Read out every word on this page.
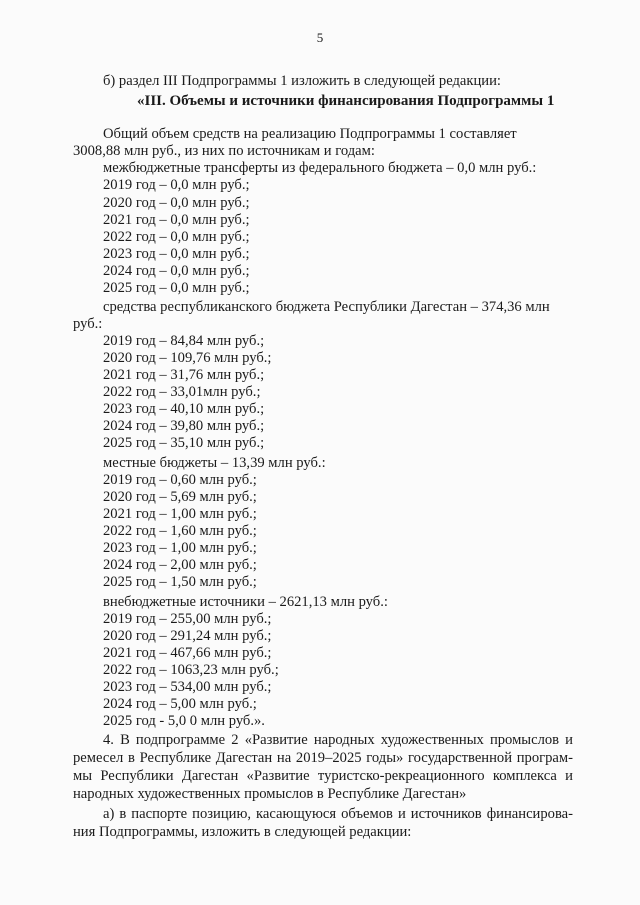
5
б) раздел III Подпрограммы 1 изложить в следующей редакции:
«III. Объемы и источники финансирования Подпрограммы 1
Общий объем средств на реализацию Подпрограммы 1 составляет
3008,88 млн руб., из них по источникам и годам:
межбюджетные трансферты из федерального бюджета – 0,0 млн руб.:
2019 год – 0,0 млн руб.;
2020 год – 0,0 млн руб.;
2021 год – 0,0 млн руб.;
2022 год – 0,0 млн руб.;
2023 год – 0,0 млн руб.;
2024 год – 0,0 млн руб.;
2025 год – 0,0 млн руб.;
средства республиканского бюджета Республики Дагестан – 374,36 млн
руб.:
2019 год – 84,84 млн руб.;
2020 год – 109,76 млн руб.;
2021 год – 31,76 млн руб.;
2022 год – 33,01млн руб.;
2023 год – 40,10 млн руб.;
2024 год – 39,80 млн руб.;
2025 год – 35,10 млн руб.;
местные бюджеты – 13,39 млн руб.:
2019 год – 0,60 млн руб.;
2020 год – 5,69 млн руб.;
2021 год – 1,00 млн руб.;
2022 год – 1,60 млн руб.;
2023 год – 1,00 млн руб.;
2024 год – 2,00 млн руб.;
2025 год – 1,50 млн руб.;
внебюджетные источники – 2621,13 млн руб.:
2019 год – 255,00 млн руб.;
2020 год – 291,24 млн руб.;
2021 год – 467,66 млн руб.;
2022 год – 1063,23 млн руб.;
2023 год – 534,00 млн руб.;
2024 год – 5,00 млн руб.;
2025 год - 5,0 0 млн руб.».
4. В подпрограмме 2 «Развитие народных художественных промыслов и
ремесел в Республике Дагестан на 2019–2025 годы» государственной програм-
мы Республики Дагестан «Развитие туристско-рекреационного комплекса и
народных художественных промыслов в Республике Дагестан»
а) в паспорте позицию, касающуюся объемов и источников финансирова-
ния Подпрограммы, изложить в следующей редакции:
